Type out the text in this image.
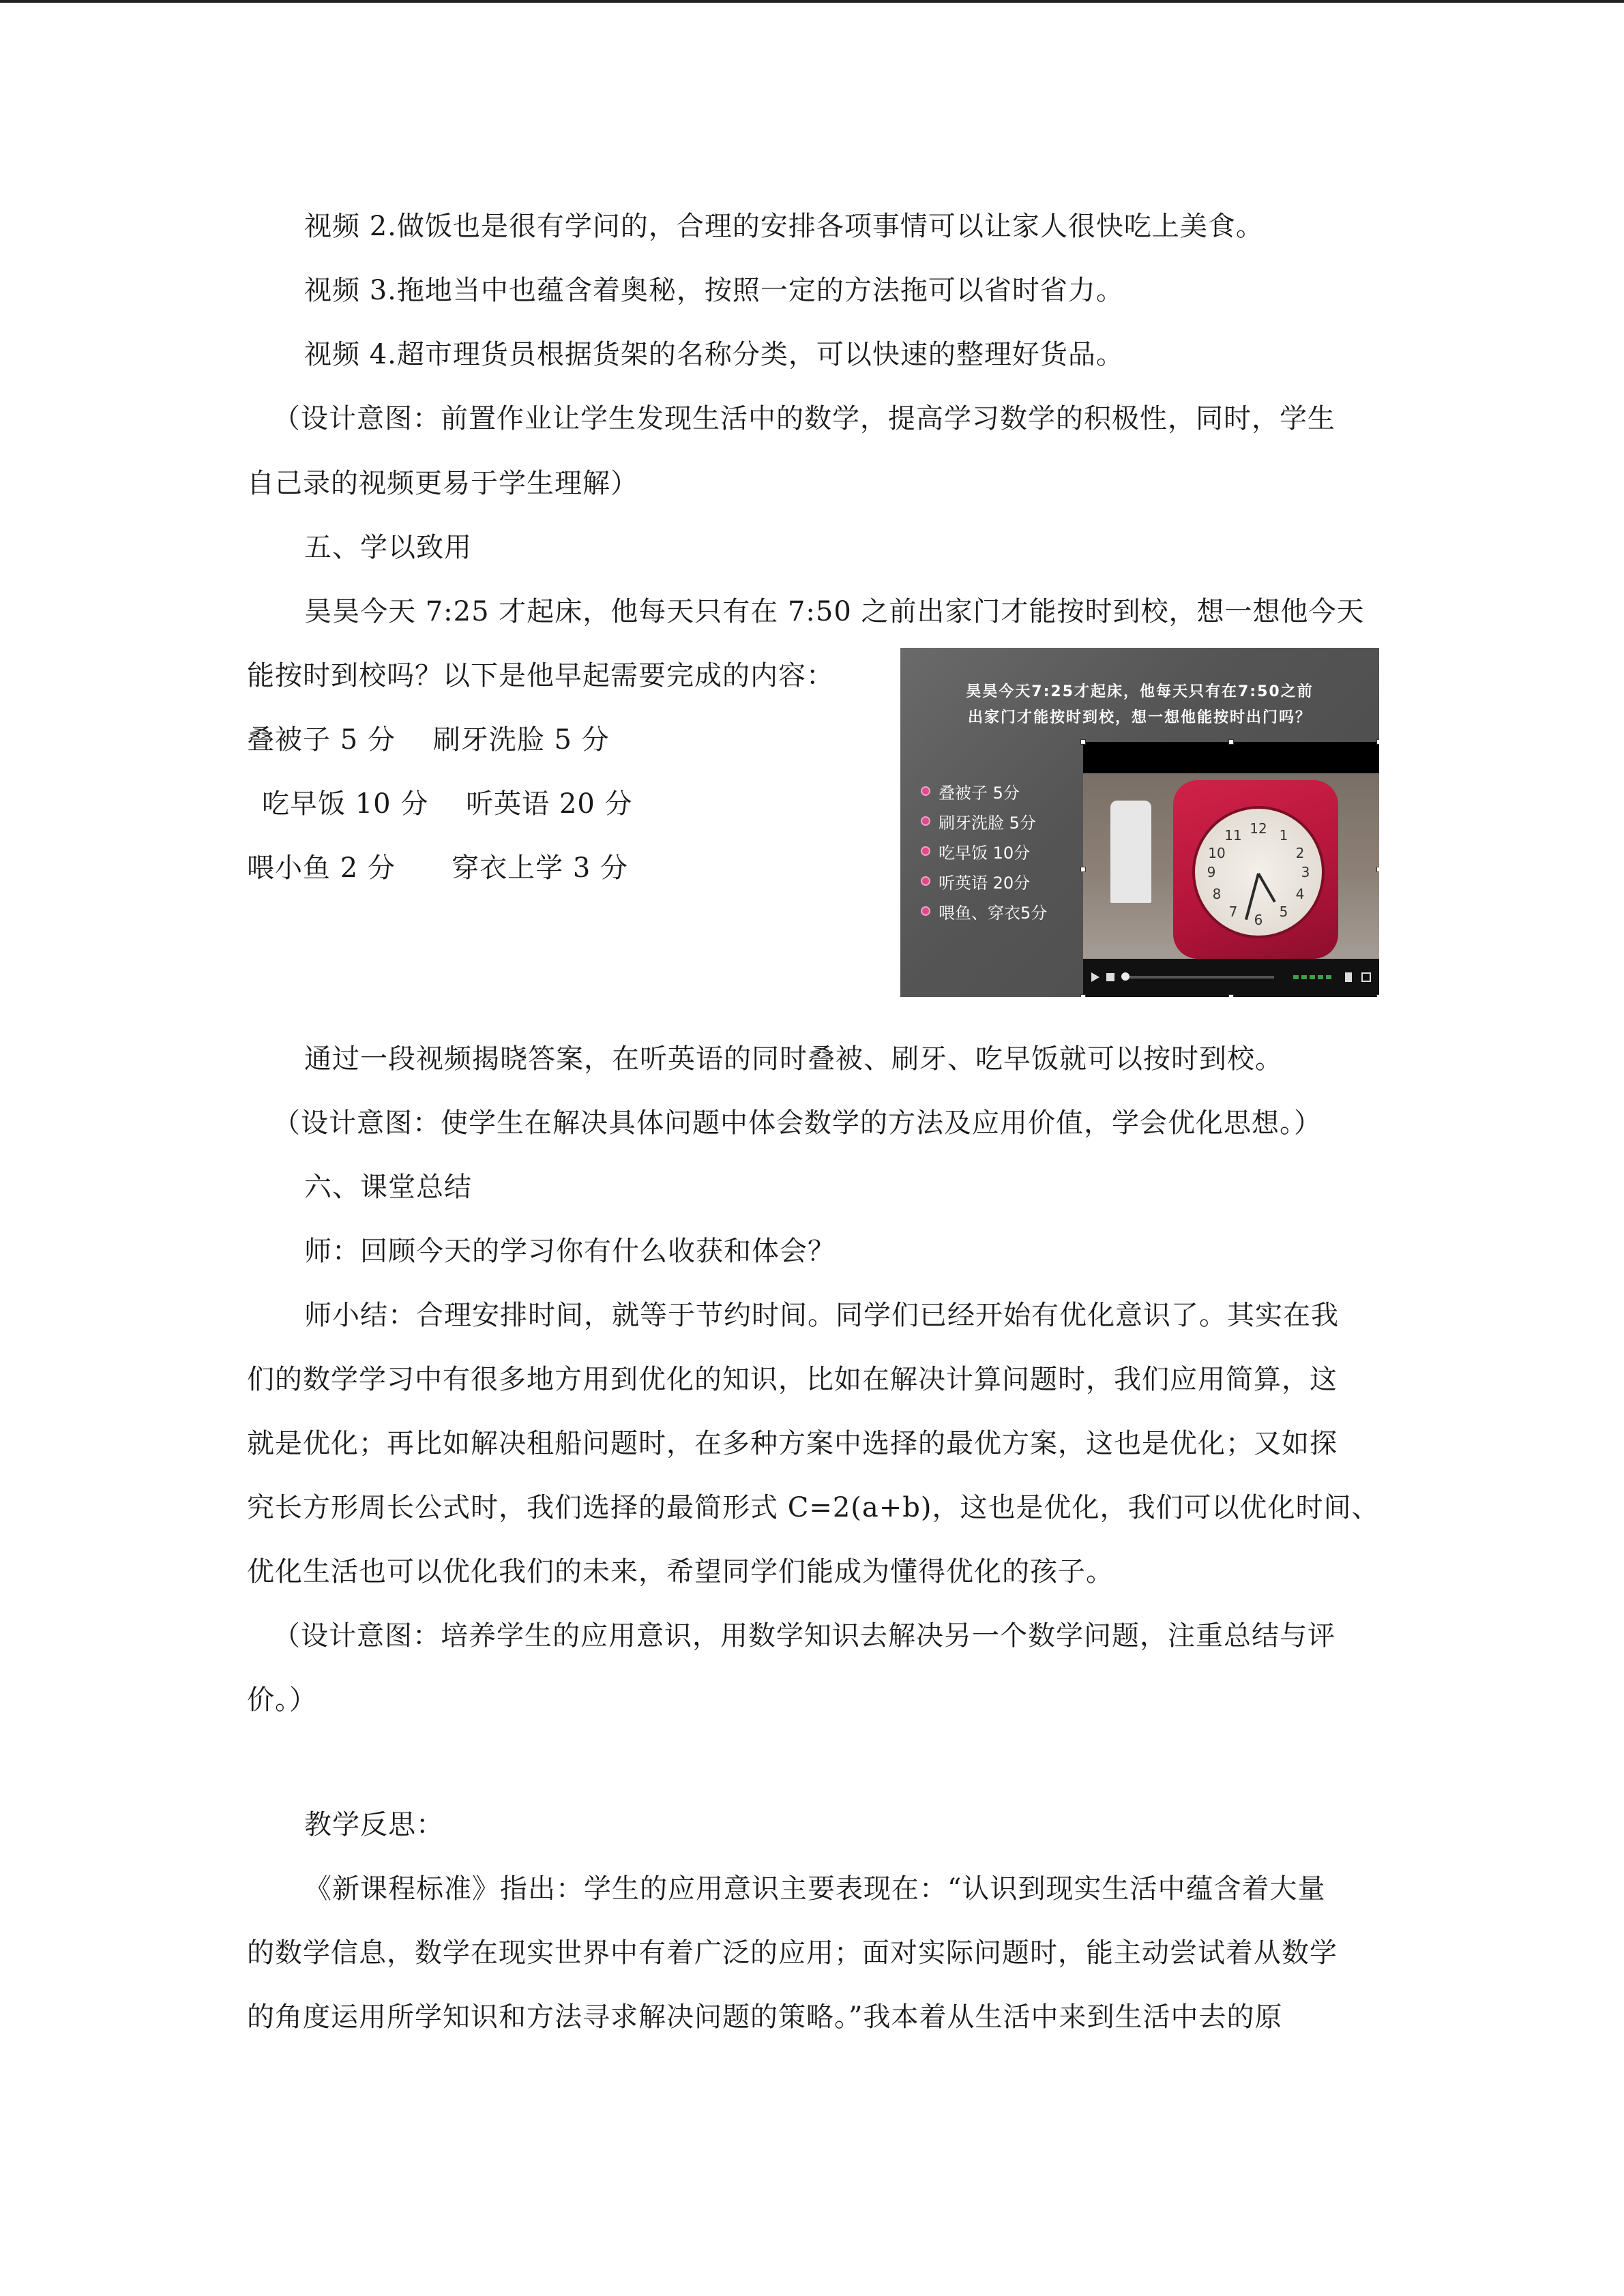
视频 2.做饭也是很有学问的，合理的安排各项事情可以让家人很快吃上美食。
视频 3.拖地当中也蕴含着奥秘，按照一定的方法拖可以省时省力。
视频 4.超市理货员根据货架的名称分类，可以快速的整理好货品。
（设计意图：前置作业让学生发现生活中的数学，提高学习数学的积极性，同时，学生
自己录的视频更易于学生理解）
五、学以致用
昊昊今天 7:25 才起床，他每天只有在 7:50 之前出家门才能按时到校，想一想他今天
能按时到校吗？以下是他早起需要完成的内容：
叠被子 5 分    刷牙洗脸 5 分
吃早饭 10 分    听英语 20 分
喂小鱼 2 分      穿衣上学 3 分
昊昊今天7:25才起床，他每天只有在7:50之前
出家门才能按时到校，想一想他能按时出门吗？
叠被子 5分
刷牙洗脸 5分
吃早饭 10分
听英语 20分
喂鱼、穿衣5分
12 1
2
3
4
5
6
7
8
9
10
11
通过一段视频揭晓答案，在听英语的同时叠被、刷牙、吃早饭就可以按时到校。
（设计意图：使学生在解决具体问题中体会数学的方法及应用价值，学会优化思想。）
六、课堂总结
师：回顾今天的学习你有什么收获和体会？
师小结：合理安排时间，就等于节约时间。同学们已经开始有优化意识了。其实在我
们的数学学习中有很多地方用到优化的知识，比如在解决计算问题时，我们应用简算，这
就是优化；再比如解决租船问题时，在多种方案中选择的最优方案，这也是优化；又如探
究长方形周长公式时，我们选择的最简形式 C=2(a+b)，这也是优化，我们可以优化时间、
优化生活也可以优化我们的未来，希望同学们能成为懂得优化的孩子。
（设计意图：培养学生的应用意识，用数学知识去解决另一个数学问题，注重总结与评
价。）
教学反思：
《新课程标准》指出：学生的应用意识主要表现在：“认识到现实生活中蕴含着大量
的数学信息，数学在现实世界中有着广泛的应用；面对实际问题时，能主动尝试着从数学
的角度运用所学知识和方法寻求解决问题的策略。”我本着从生活中来到生活中去的原
